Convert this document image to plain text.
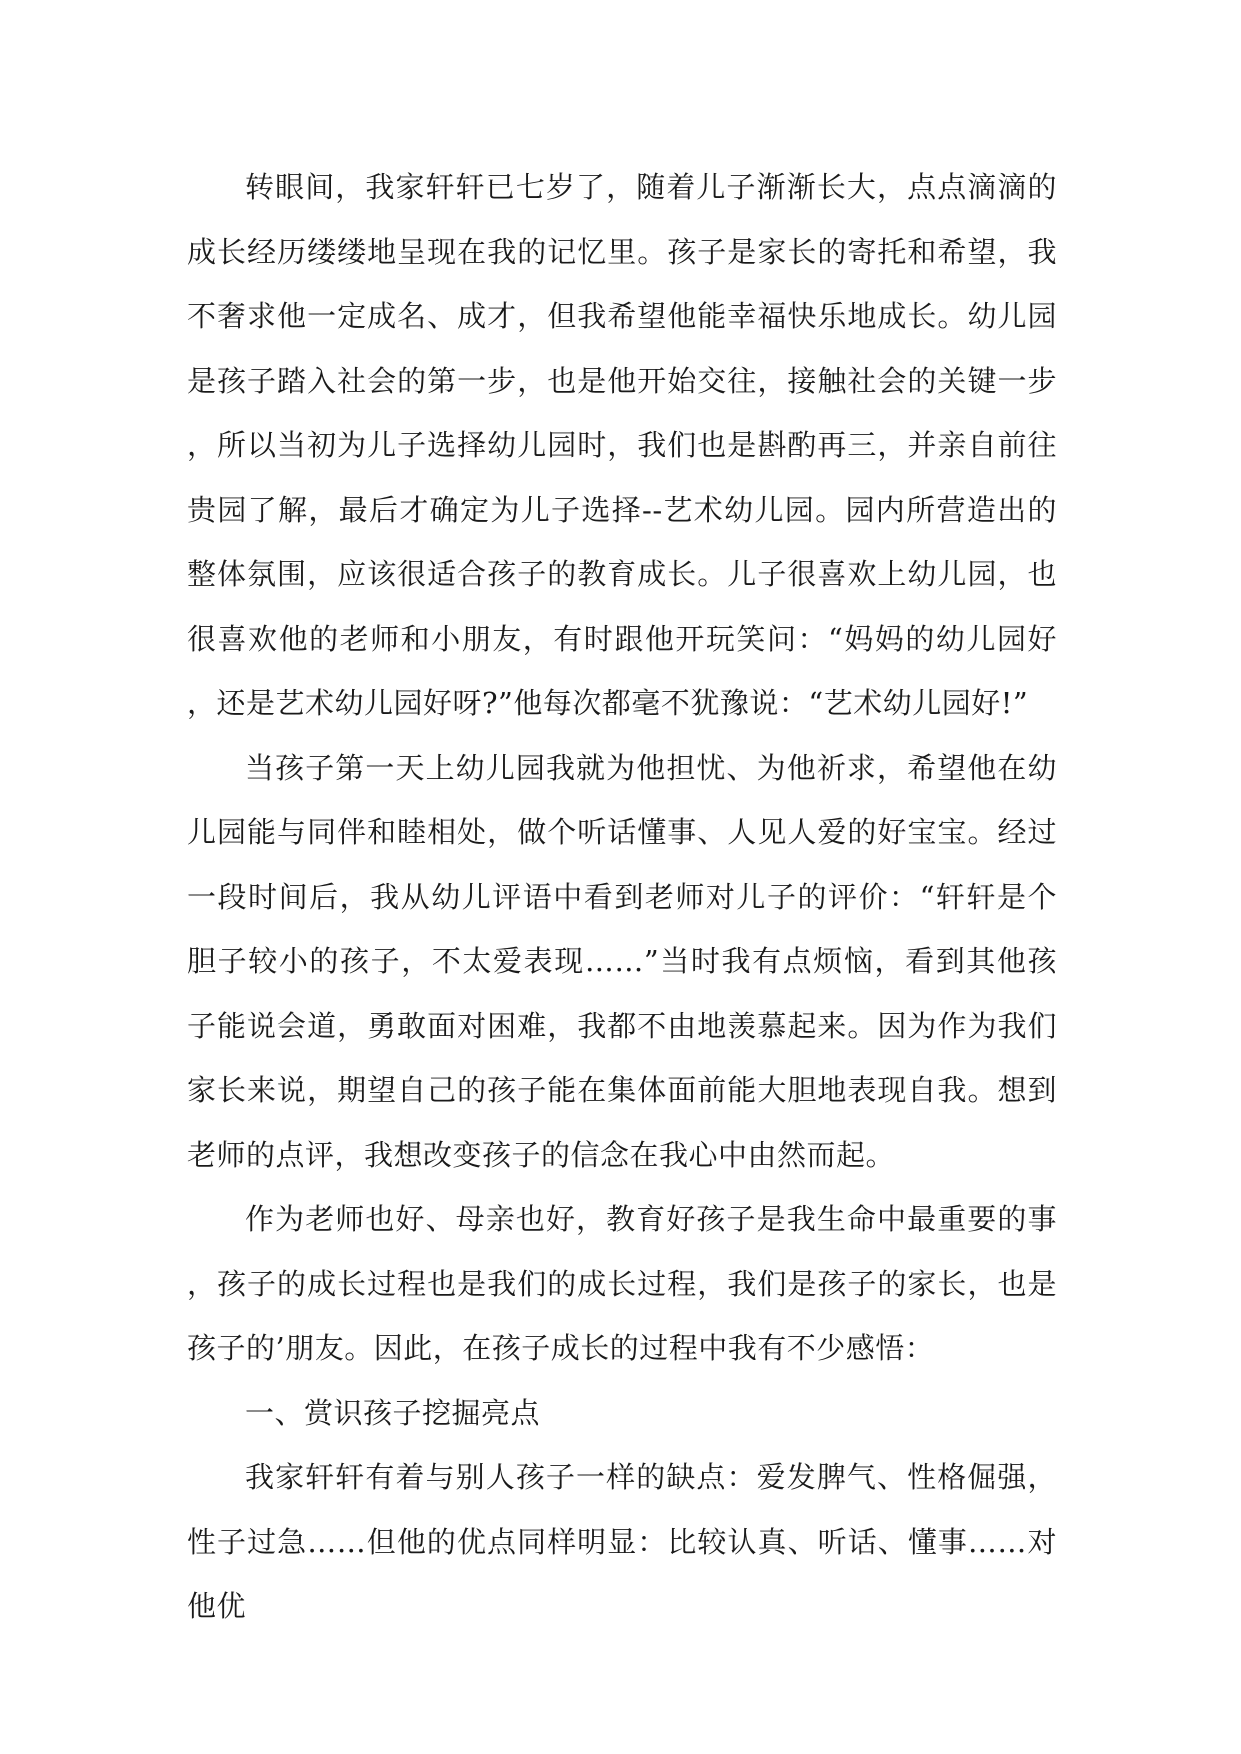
转眼间，我家轩轩已七岁了，随着儿子渐渐长大，点点滴滴的成长经历缕缕地呈现在我的记忆里。孩子是家长的寄托和希望，我不奢求他一定成名、成才，但我希望他能幸福快乐地成长。幼儿园是孩子踏入社会的第一步，也是他开始交往，接触社会的关键一步，所以当初为儿子选择幼儿园时，我们也是斟酌再三，并亲自前往贵园了解，最后才确定为儿子选择--艺术幼儿园。园内所营造出的整体氛围，应该很适合孩子的教育成长。儿子很喜欢上幼儿园，也很喜欢他的老师和小朋友，有时跟他开玩笑问：“妈妈的幼儿园好，还是艺术幼儿园好呀?”他每次都毫不犹豫说：“艺术幼儿园好!”

当孩子第一天上幼儿园我就为他担忧、为他祈求，希望他在幼儿园能与同伴和睦相处，做个听话懂事、人见人爱的好宝宝。经过一段时间后，我从幼儿评语中看到老师对儿子的评价：“轩轩是个胆子较小的孩子，不太爱表现……”当时我有点烦恼，看到其他孩子能说会道，勇敢面对困难，我都不由地羡慕起来。因为作为我们家长来说，期望自己的孩子能在集体面前能大胆地表现自我。想到老师的点评，我想改变孩子的信念在我心中由然而起。

作为老师也好、母亲也好，教育好孩子是我生命中最重要的事，孩子的成长过程也是我们的成长过程，我们是孩子的家长，也是孩子的’朋友。因此，在孩子成长的过程中我有不少感悟：

一、赏识孩子挖掘亮点

我家轩轩有着与别人孩子一样的缺点：爱发脾气、性格倔强，性子过急……但他的优点同样明显：比较认真、听话、懂事……对他优
